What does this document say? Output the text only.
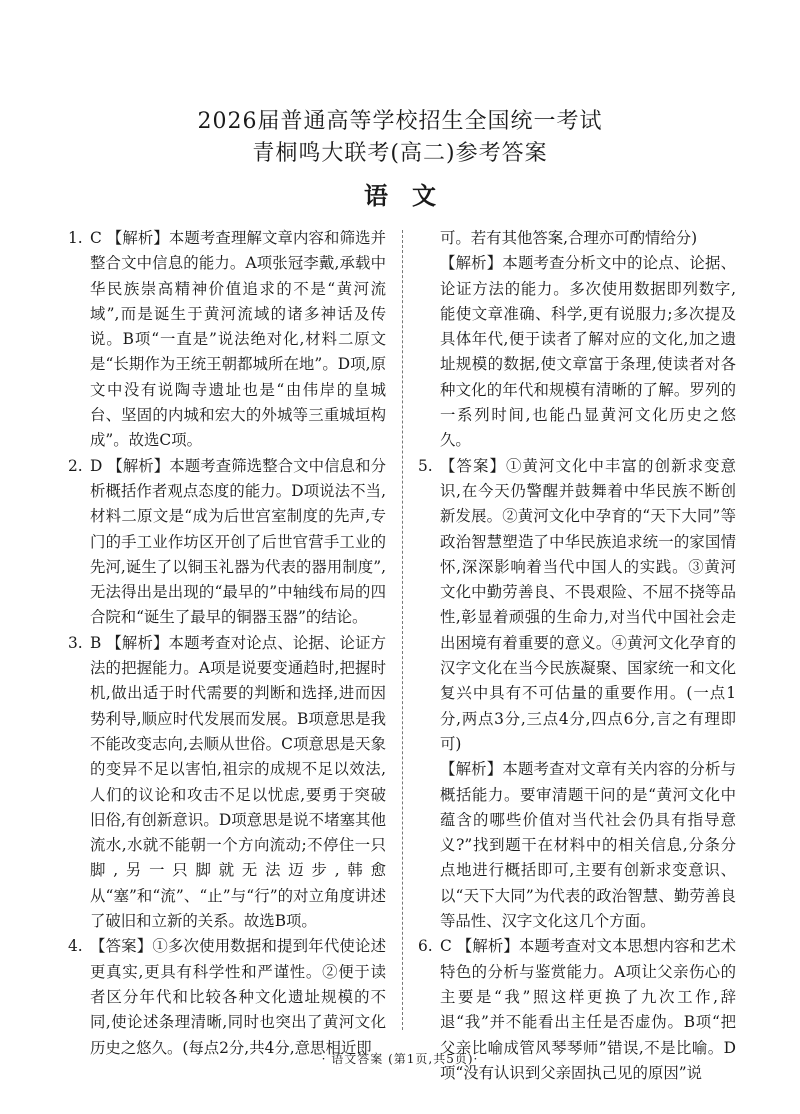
2026届普通高等学校招生全国统一考试
青桐鸣大联考(高二)参考答案
语文
1. C 【解析】本题考查理解文章内容和筛选并整合文中信息的能力。A项张冠李戴,承载中华民族崇高精神价值追求的不是“黄河流域”,而是诞生于黄河流域的诸多神话及传说。B项“一直是”说法绝对化,材料二原文是“长期作为王统王朝都城所在地”。D项,原文中没有说陶寺遗址也是“由伟岸的皇城台、坚固的内城和宏大的外城等三重城垣构成”。故选C项。

2. D 【解析】本题考查筛选整合文中信息和分析概括作者观点态度的能力。D项说法不当,材料二原文是“成为后世宫室制度的先声,专门的手工业作坊区开创了后世官营手工业的先河,诞生了以铜玉礼器为代表的器用制度”,无法得出是出现的“最早的”中轴线布局的四合院和“诞生了最早的铜器玉器”的结论。

3. B 【解析】本题考查对论点、论据、论证方法的把握能力。A项是说要变通趋时,把握时机,做出适于时代需要的判断和选择,进而因势利导,顺应时代发展而发展。B项意思是我不能改变志向,去顺从世俗。C项意思是天象的变异不足以害怕,祖宗的成规不足以效法,人们的议论和攻击不足以忧虑,要勇于突破旧俗,有创新意识。D项意思是说不堵塞其他流水,水就不能朝一个方向流动;不停住一只脚,另一只脚就无法迈步,韩愈从“塞”和“流”、“止”与“行”的对立角度讲述了破旧和立新的关系。故选B项。

4. 【答案】①多次使用数据和提到年代使论述更真实,更具有科学性和严谨性。②便于读者区分年代和比较各种文化遗址规模的不同,使论述条理清晰,同时也突出了黄河文化历史之悠久。(每点2分,共4分,意思相近即

可。若有其他答案,合理亦可酌情给分)

【解析】本题考查分析文中的论点、论据、论证方法的能力。多次使用数据即列数字,能使文章准确、科学,更有说服力;多次提及具体年代,便于读者了解对应的文化,加之遗址规模的数据,使文章富于条理,使读者对各种文化的年代和规模有清晰的了解。罗列的一系列时间,也能凸显黄河文化历史之悠久。

5. 【答案】①黄河文化中丰富的创新求变意识,在今天仍警醒并鼓舞着中华民族不断创新发展。②黄河文化中孕育的“天下大同”等政治智慧塑造了中华民族追求统一的家国情怀,深深影响着当代中国人的实践。③黄河文化中勤劳善良、不畏艰险、不屈不挠等品性,彰显着顽强的生命力,对当代中国社会走出困境有着重要的意义。④黄河文化孕育的汉字文化在当今民族凝聚、国家统一和文化复兴中具有不可估量的重要作用。(一点1分,两点3分,三点4分,四点6分,言之有理即可)

【解析】本题考查对文章有关内容的分析与概括能力。要审清题干问的是“黄河文化中蕴含的哪些价值对当代社会仍具有指导意义?”找到题干在材料中的相关信息,分条分点地进行概括即可,主要有创新求变意识、以“天下大同”为代表的政治智慧、勤劳善良等品性、汉字文化这几个方面。

6. C 【解析】本题考查对文本思想内容和艺术特色的分析与鉴赏能力。A项让父亲伤心的主要是“我”照这样更换了九次工作,辞退“我”并不能看出主任是否虚伪。B项“把父亲比喻成管风琴琴师”错误,不是比喻。D项“没有认识到父亲固执己见的原因”说

· 语文答案 (第1页,共5页)·
